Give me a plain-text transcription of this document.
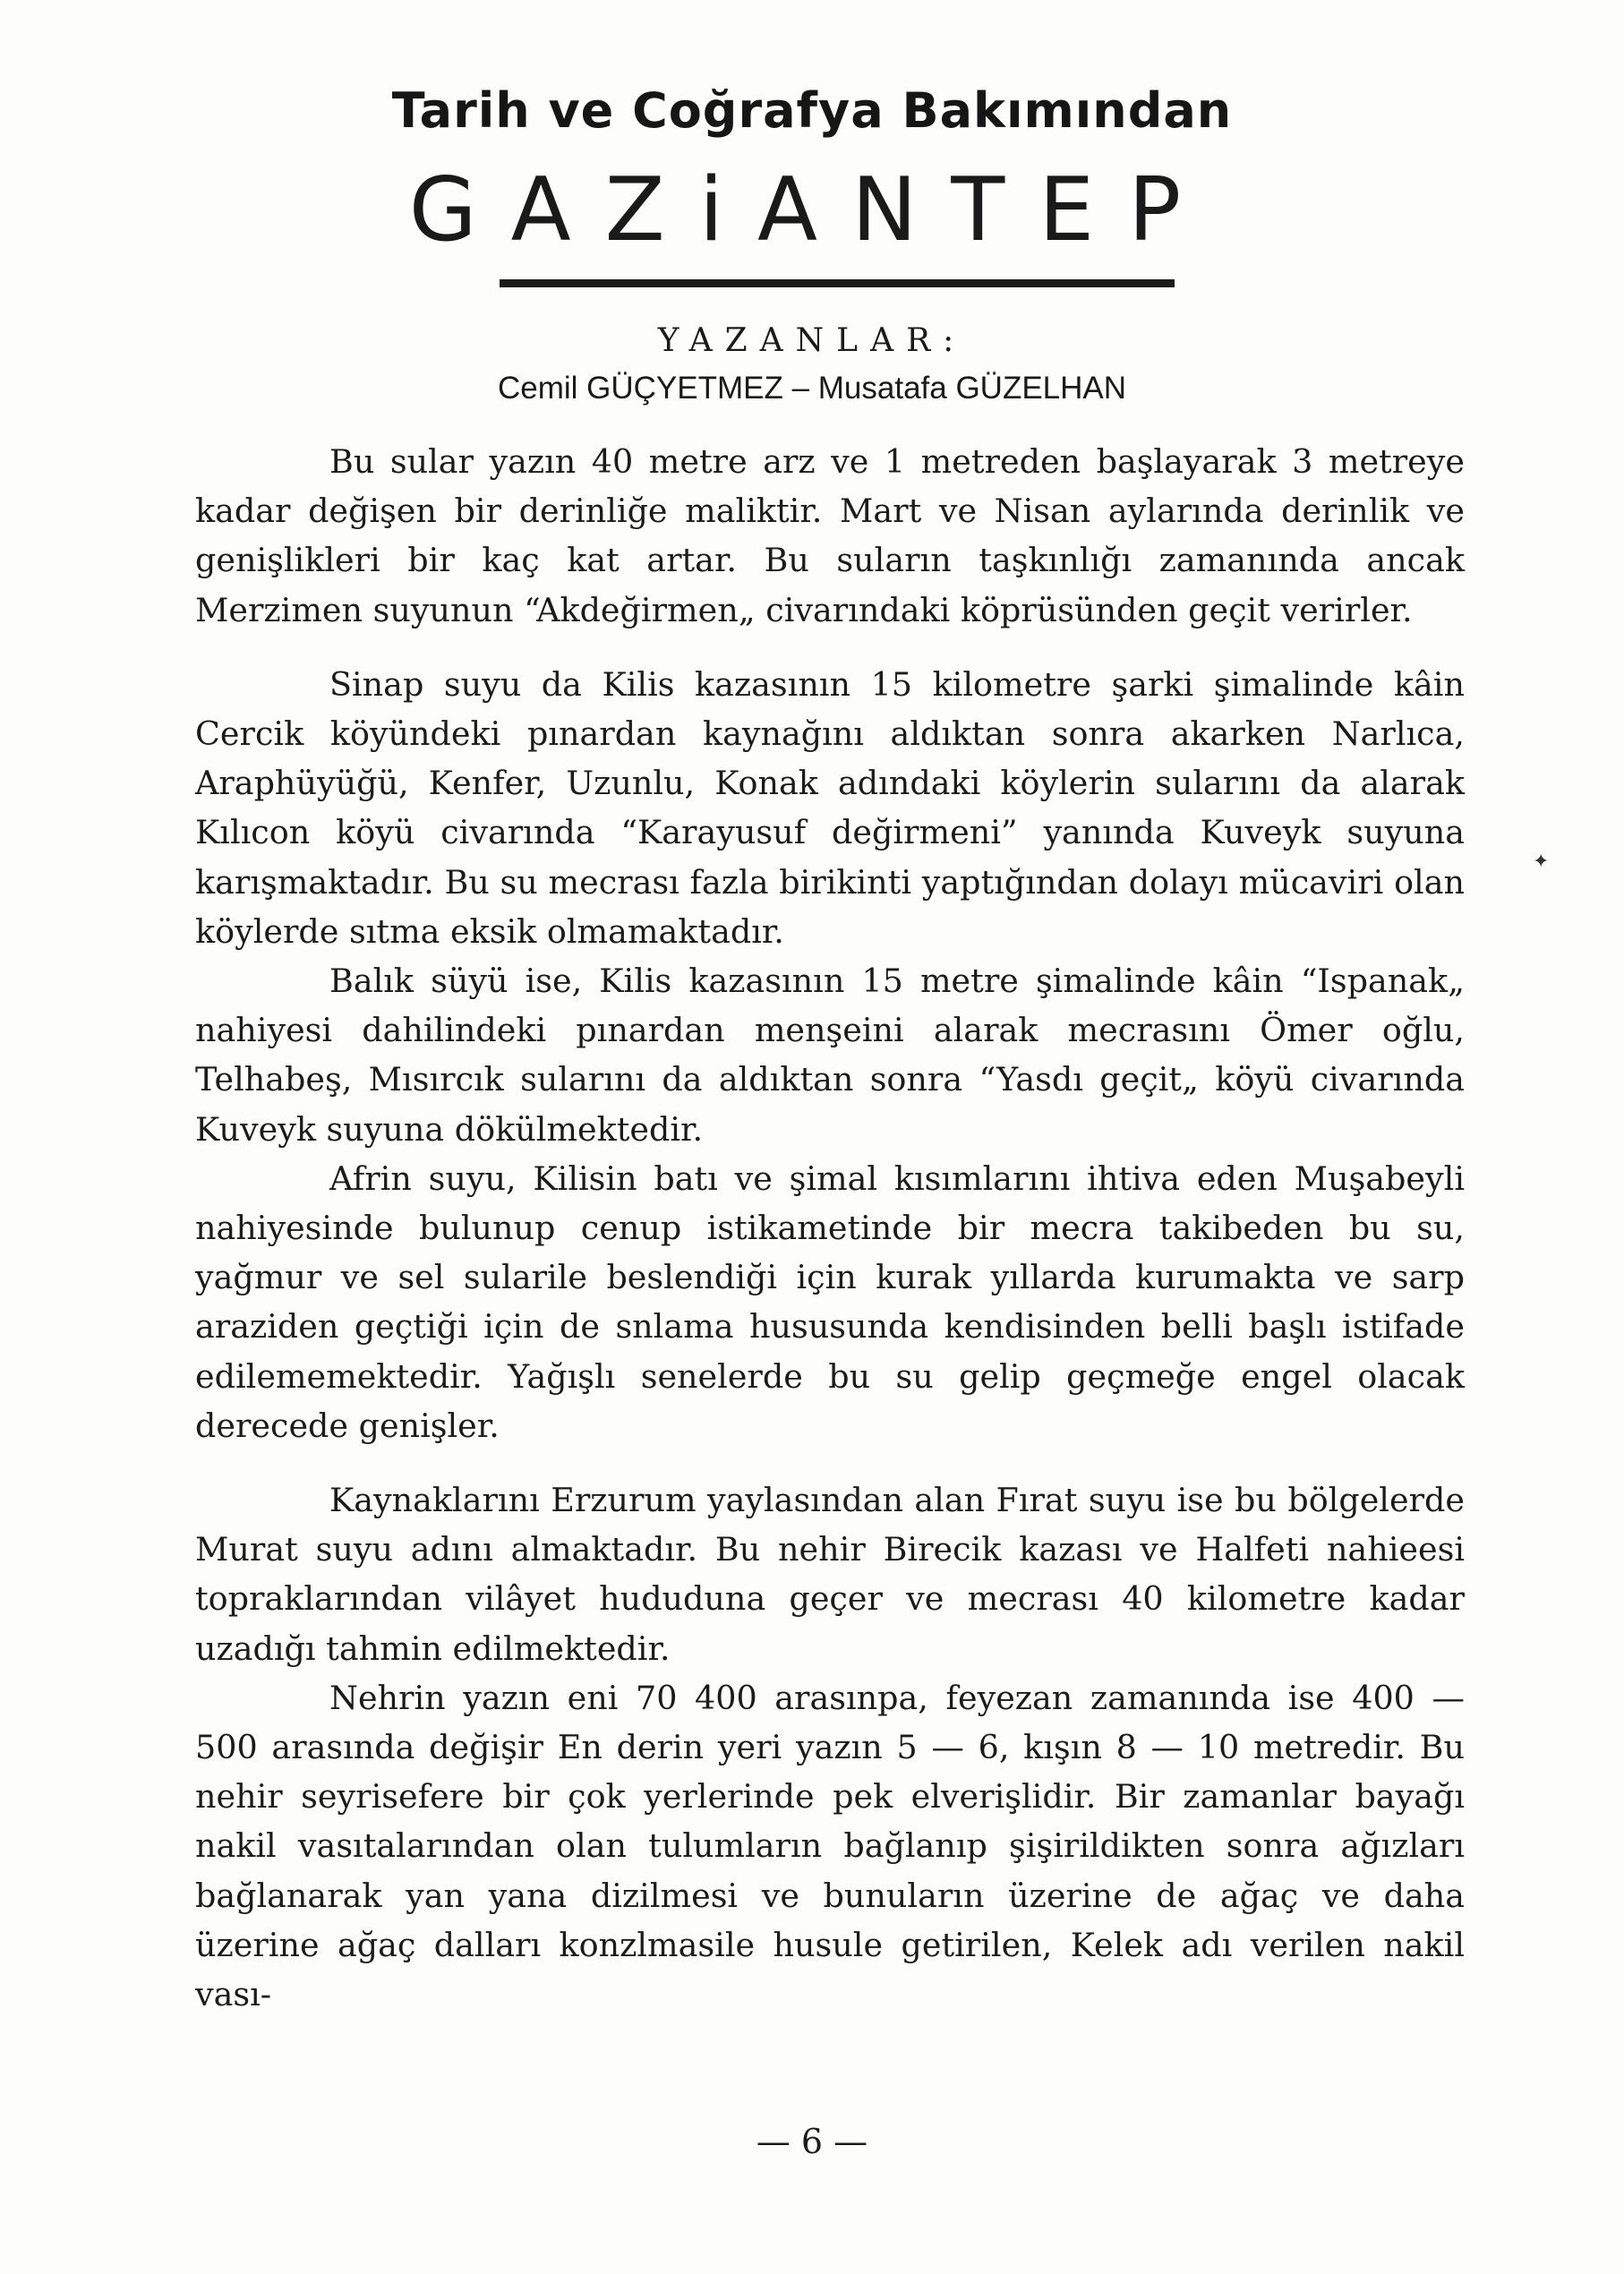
Tarih ve Coğrafya Bakımından
GAZiANTEP
YAZANLAR:
Cemil GÜÇYETMEZ – Musatafa GÜZELHAN

Bu sular yazın 40 metre arz ve 1 metreden başlayarak 3 metreye kadar değişen bir derinliğe maliktir. Mart ve Nisan aylarında derinlik ve genişlikleri bir kaç kat artar. Bu suların taşkınlığı zamanında ancak Merzimen suyunun “Akdeğirmen„ civarındaki köprüsünden geçit verirler.

Sinap suyu da Kilis kazasının 15 kilometre şarki şimalinde kâin Cercik köyündeki pınardan kaynağını aldıktan sonra akarken Narlıca, Araphüyüğü, Kenfer, Uzunlu, Konak adındaki köylerin sularını da alarak Kılıcon köyü civarında “Karayusuf değirmeni” yanında Kuveyk suyuna karışmaktadır. Bu su mecrası fazla birikinti yaptığından dolayı mücaviri olan köylerde sıtma eksik olmamaktadır.

Balık süyü ise, Kilis kazasının 15 metre şimalinde kâin “Ispanak„ nahiyesi dahilindeki pınardan menşeini alarak mecrasını Ömer oğlu, Telhabeş, Mısırcık sularını da aldıktan sonra “Yasdı geçit„ köyü civarında Kuveyk suyuna dökülmektedir.

Afrin suyu, Kilisin batı ve şimal kısımlarını ihtiva eden Muşabeyli nahiyesinde bulunup cenup istikametinde bir mecra takibeden bu su, yağmur ve sel sularile beslendiği için kurak yıllarda kurumakta ve sarp araziden geçtiği için de snlama hususunda kendisinden belli başlı istifade edilememektedir. Yağışlı senelerde bu su gelip geçmeğe engel olacak derecede genişler.

Kaynaklarını Erzurum yaylasından alan Fırat suyu ise bu bölgelerde Murat suyu adını almaktadır. Bu nehir Birecik kazası ve Halfeti nahieesi topraklarından vilâyet hududuna geçer ve mecrası 40 kilometre kadar uzadığı tahmin edilmektedir.

Nehrin yazın eni 70 400 arasınpa, feyezan zamanında ise 400 — 500 arasında değişir En derin yeri yazın 5 — 6, kışın 8 — 10 metredir. Bu nehir seyrisefere bir çok yerlerinde pek elverişlidir. Bir zamanlar bayağı nakil vasıtalarından olan tulumların bağlanıp şişirildikten sonra ağızları bağlanarak yan yana dizilmesi ve bunuların üzerine de ağaç ve daha üzerine ağaç dalları konzlmasile husule getirilen, Kelek adı verilen nakil vası-

✦
— 6 —
